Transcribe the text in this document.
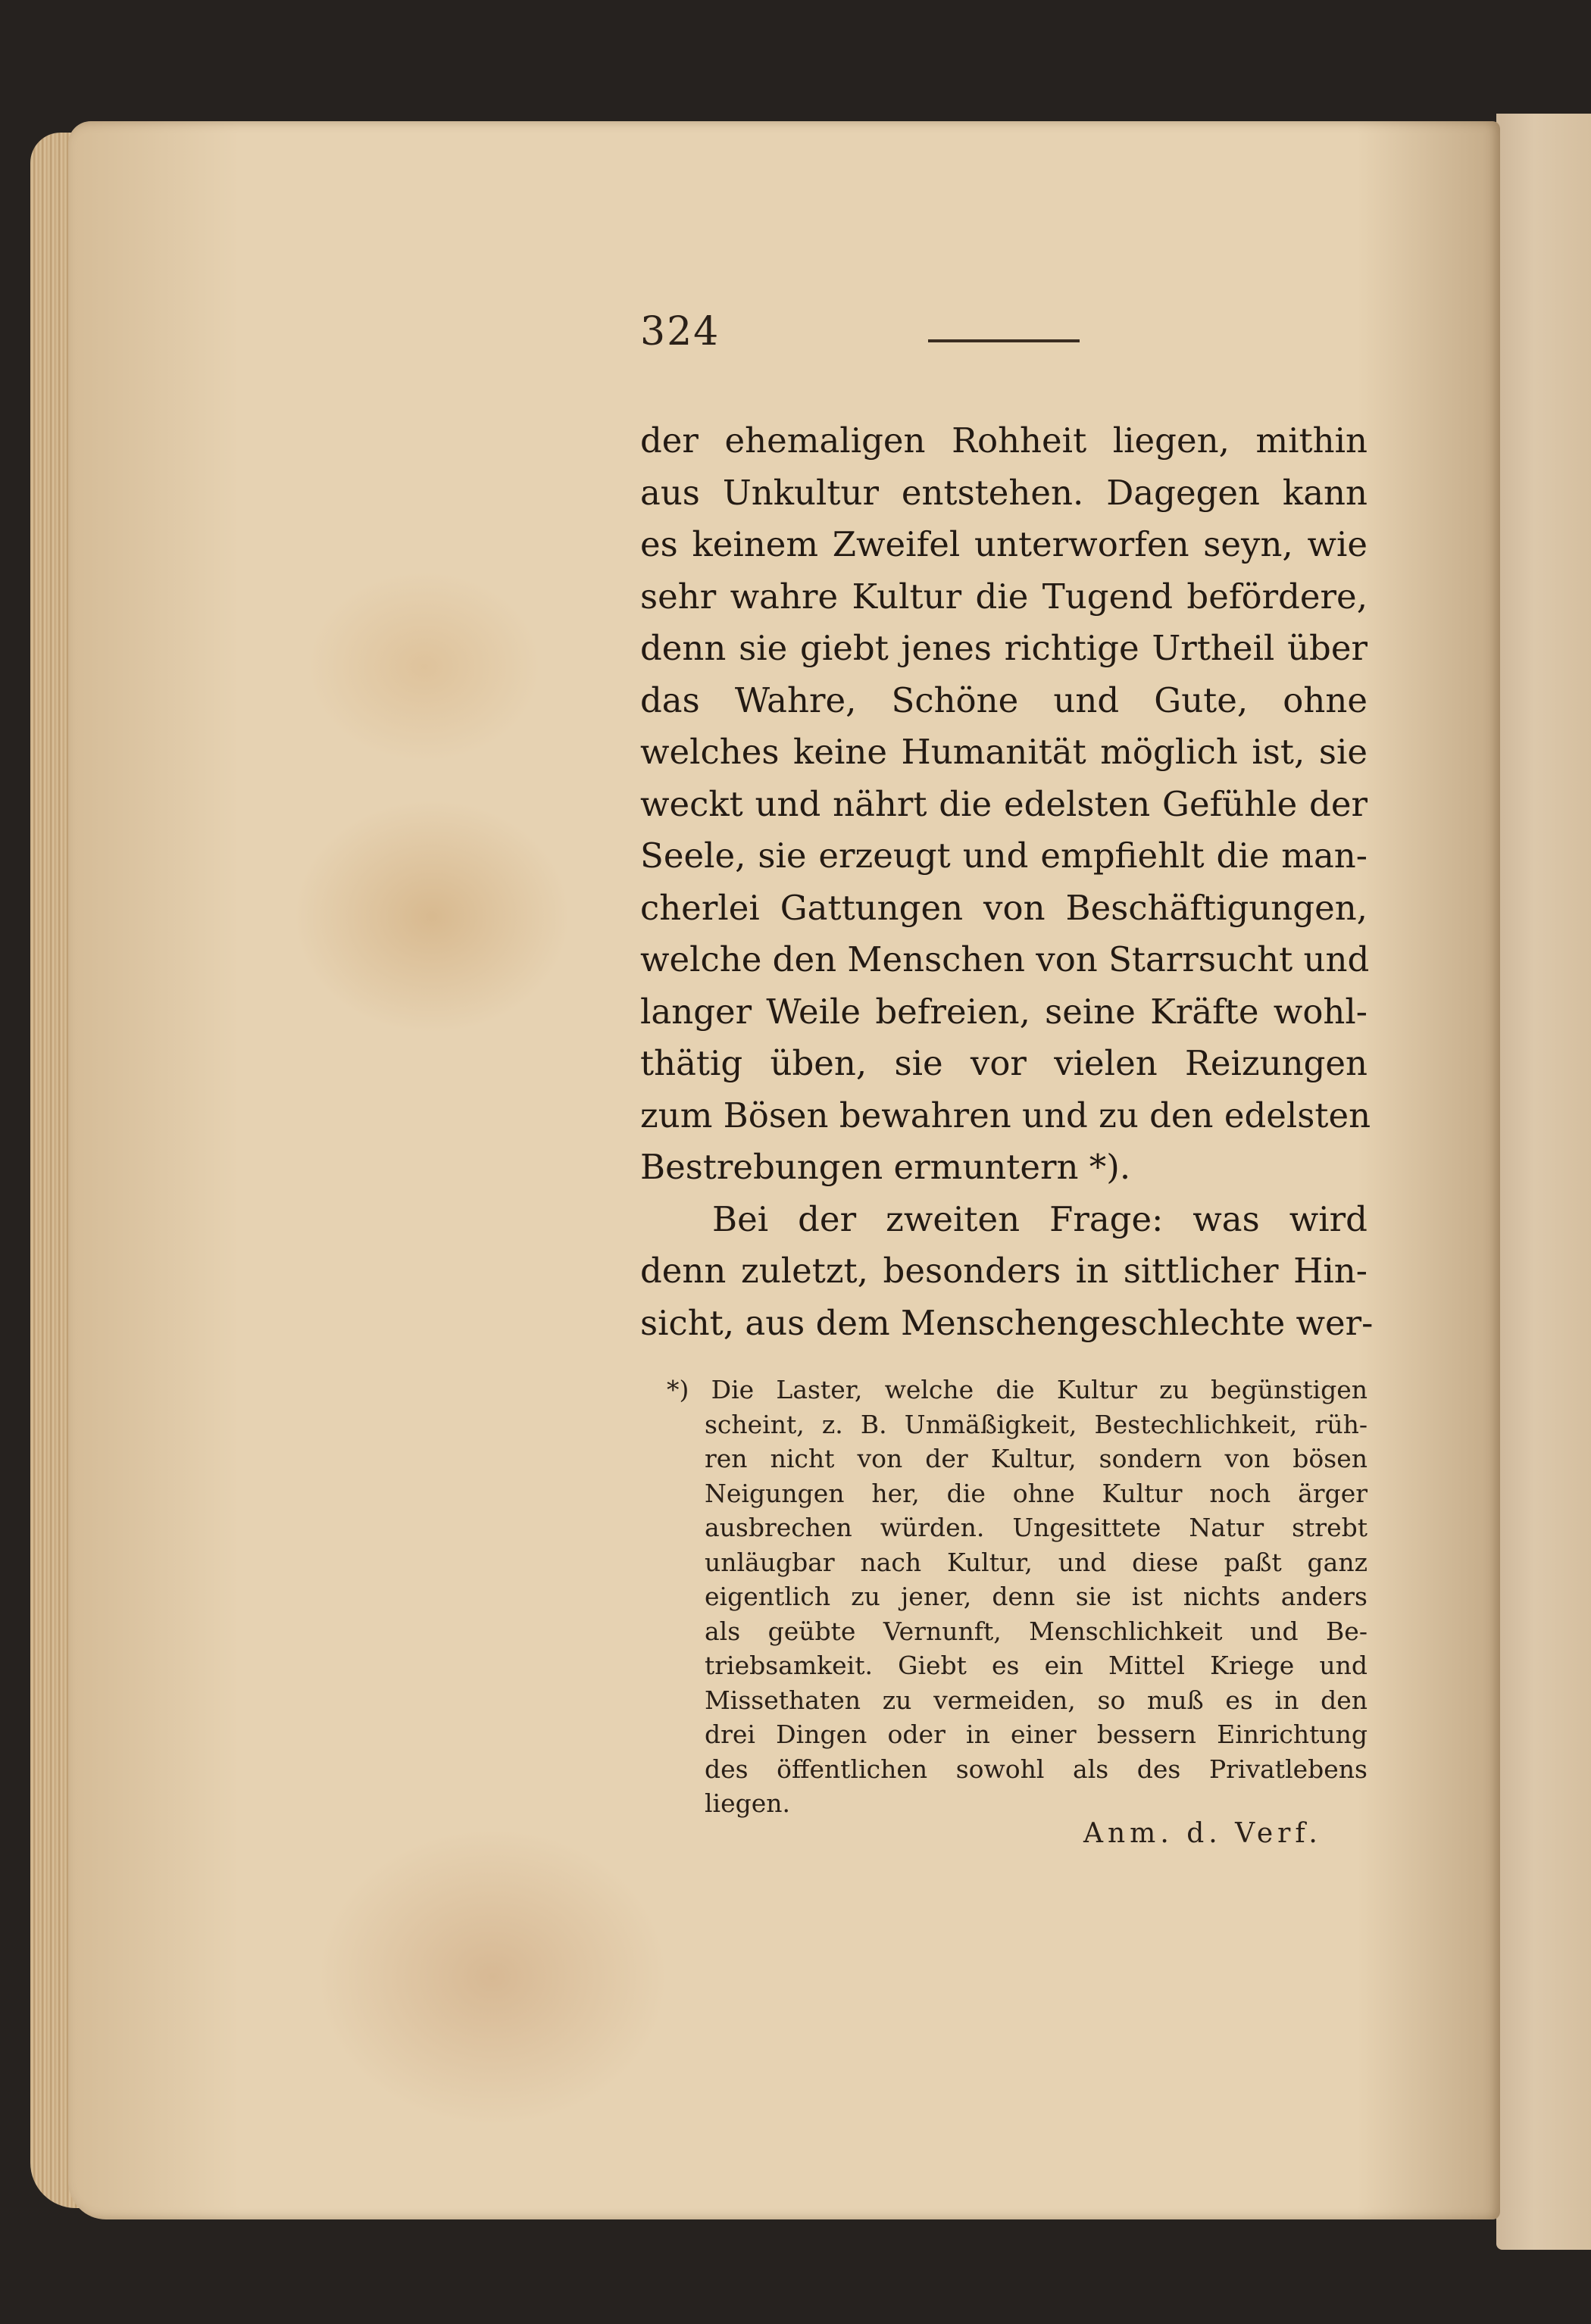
324
der ehemaligen Rohheit liegen, mithin
aus Unkultur entstehen. Dagegen kann
es keinem Zweifel unterworfen seyn, wie
sehr wahre Kultur die Tugend befördere,
denn sie giebt jenes richtige Urtheil über
das Wahre, Schöne und Gute, ohne
welches keine Humanität möglich ist, sie
weckt und nährt die edelsten Gefühle der
Seele, sie erzeugt und empfiehlt die man-
cherlei Gattungen von Beschäftigungen,
welche den Menschen von Starrsucht und
langer Weile befreien, seine Kräfte wohl-
thätig üben, sie vor vielen Reizungen
zum Bösen bewahren und zu den edelsten
Bestrebungen ermuntern *).
Bei der zweiten Frage: was wird
denn zuletzt, besonders in sittlicher Hin-
sicht, aus dem Menschengeschlechte wer-
*) Die Laster, welche die Kultur zu begünstigen
scheint, z. B. Unmäßigkeit, Bestechlichkeit, rüh-
ren nicht von der Kultur, sondern von bösen
Neigungen her, die ohne Kultur noch ärger
ausbrechen würden. Ungesittete Natur strebt
unläugbar nach Kultur, und diese paßt ganz
eigentlich zu jener, denn sie ist nichts anders
als geübte Vernunft, Menschlichkeit und Be-
triebsamkeit. Giebt es ein Mittel Kriege und
Missethaten zu vermeiden, so muß es in den
drei Dingen oder in einer bessern Einrichtung
des öffentlichen sowohl als des Privatlebens
liegen.
Anm. d. Verf.
